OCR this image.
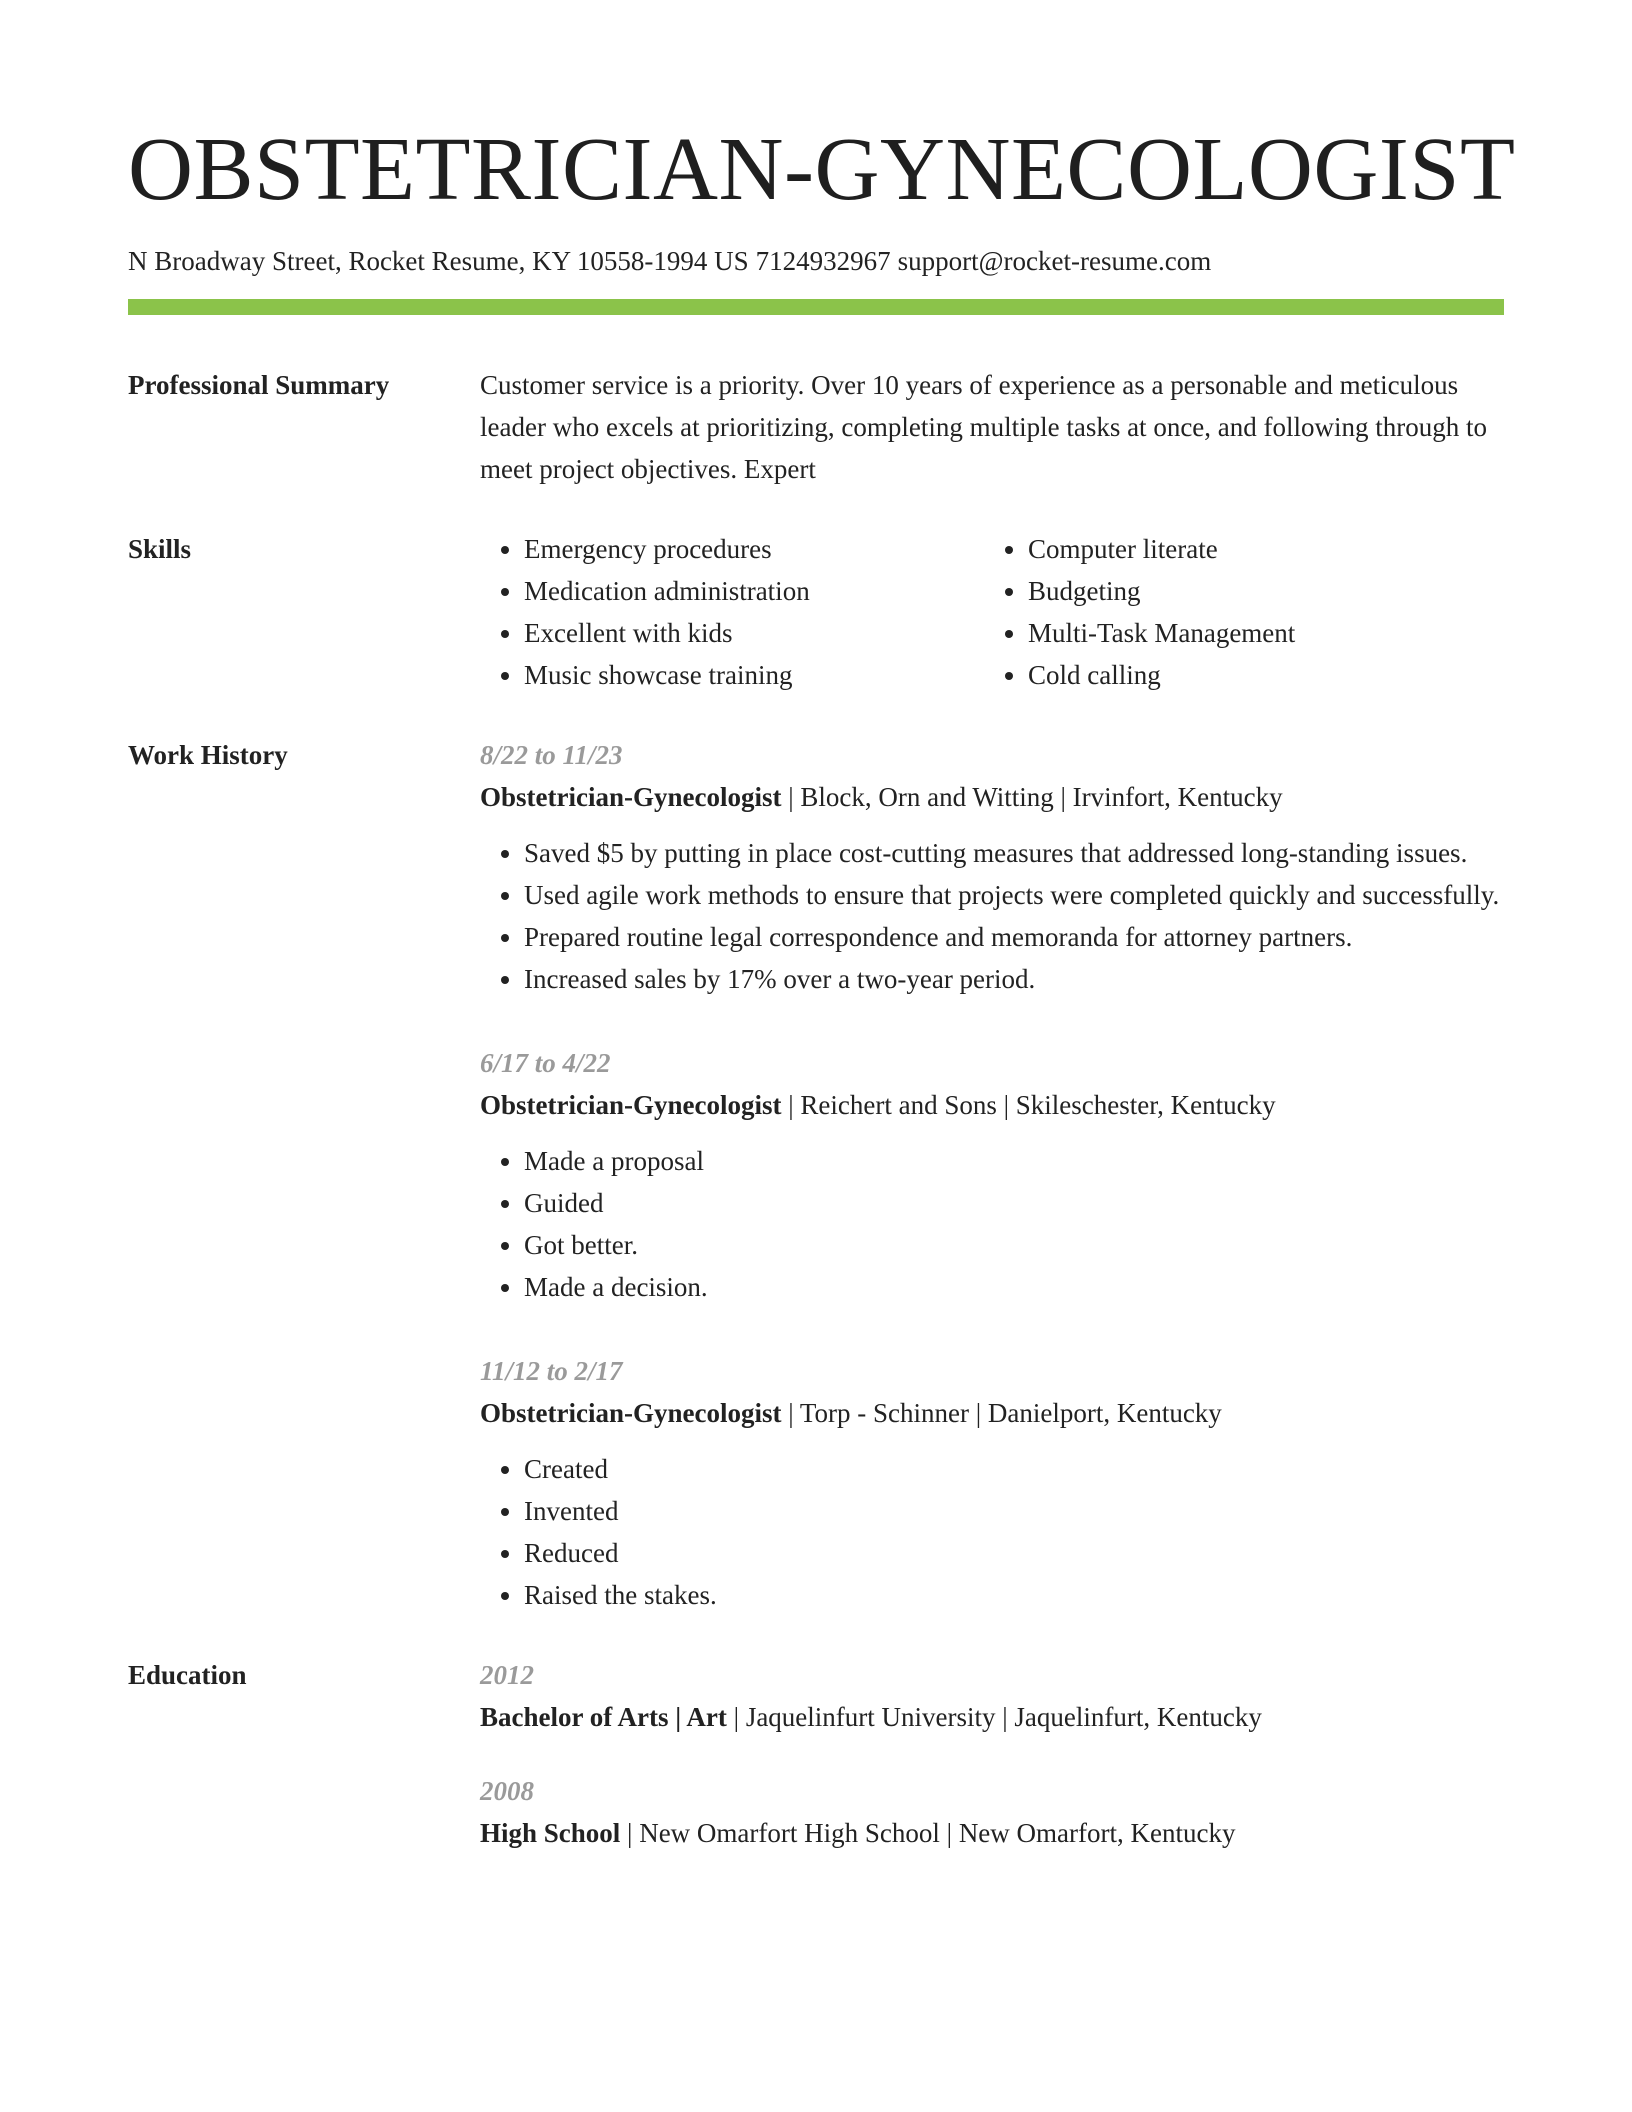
OBSTETRICIAN-GYNECOLOGIST
N Broadway Street, Rocket Resume, KY 10558-1994 US 7124932967 support@rocket-resume.com
Professional Summary	Customer service is a priority. Over 10 years of experience as a personable and meticulous leader who excels at prioritizing, completing multiple tasks at once, and following through to meet project objectives. Expert

Skills
•	Emergency procedures
• Medication administration
• Excellent with kids
• Music showcase training
• Computer literate
• Budgeting
• Multi-Task Management
• Cold calling
Work History	8/22 to 11/23
Obstetrician-Gynecologist | Block, Orn and Witting | Irvinfort, Kentucky
• Saved $5 by putting in place cost-cutting measures that addressed long-standing issues.
• Used agile work methods to ensure that projects were completed quickly and successfully.
• Prepared routine legal correspondence and memoranda for attorney partners.
• Increased sales by 17% over a two-year period.
6/17 to 4/22
Obstetrician-Gynecologist | Reichert and Sons | Skileschester, Kentucky
• Made a proposal
• Guided
• Got better.
• Made a decision.
11/12 to 2/17
Obstetrician-Gynecologist | Torp - Schinner | Danielport, Kentucky
• Created
• Invented
• Reduced
• Raised the stakes.
Education	2012
Bachelor of Arts | Art | Jaquelinfurt University | Jaquelinfurt, Kentucky
2008
High School | New Omarfort High School | New Omarfort, Kentucky
